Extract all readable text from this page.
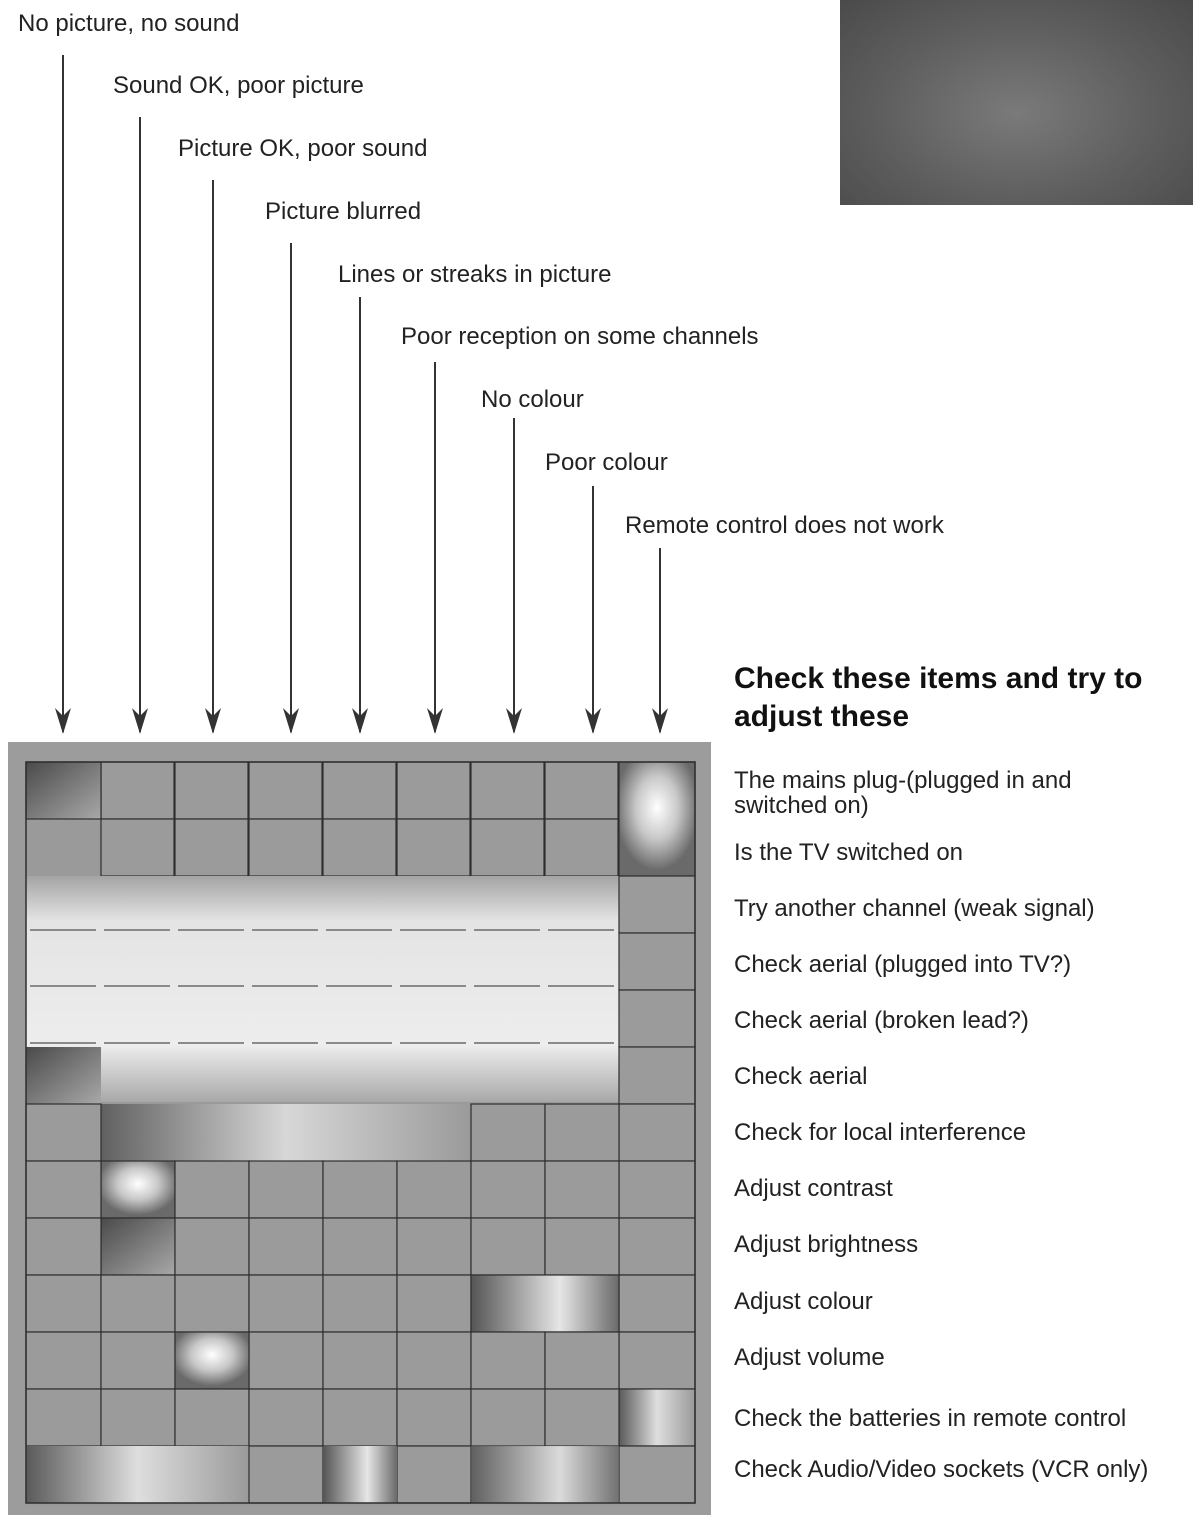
No picture, no sound
Sound OK, poor picture
Picture OK, poor sound
Picture blurred
Lines or streaks in picture
Poor reception on some channels
No colour
Poor colour
Remote control does not work
Check these items and try to adjust these
The mains plug-(plugged in and switched on)
Is the TV switched on
Try another channel (weak signal)
Check aerial (plugged into TV?)
Check aerial (broken lead?)
Check aerial
Check for local interference
Adjust contrast
Adjust brightness
Adjust colour
Adjust volume
Check the batteries in remote control
Check Audio/Video sockets (VCR only)
